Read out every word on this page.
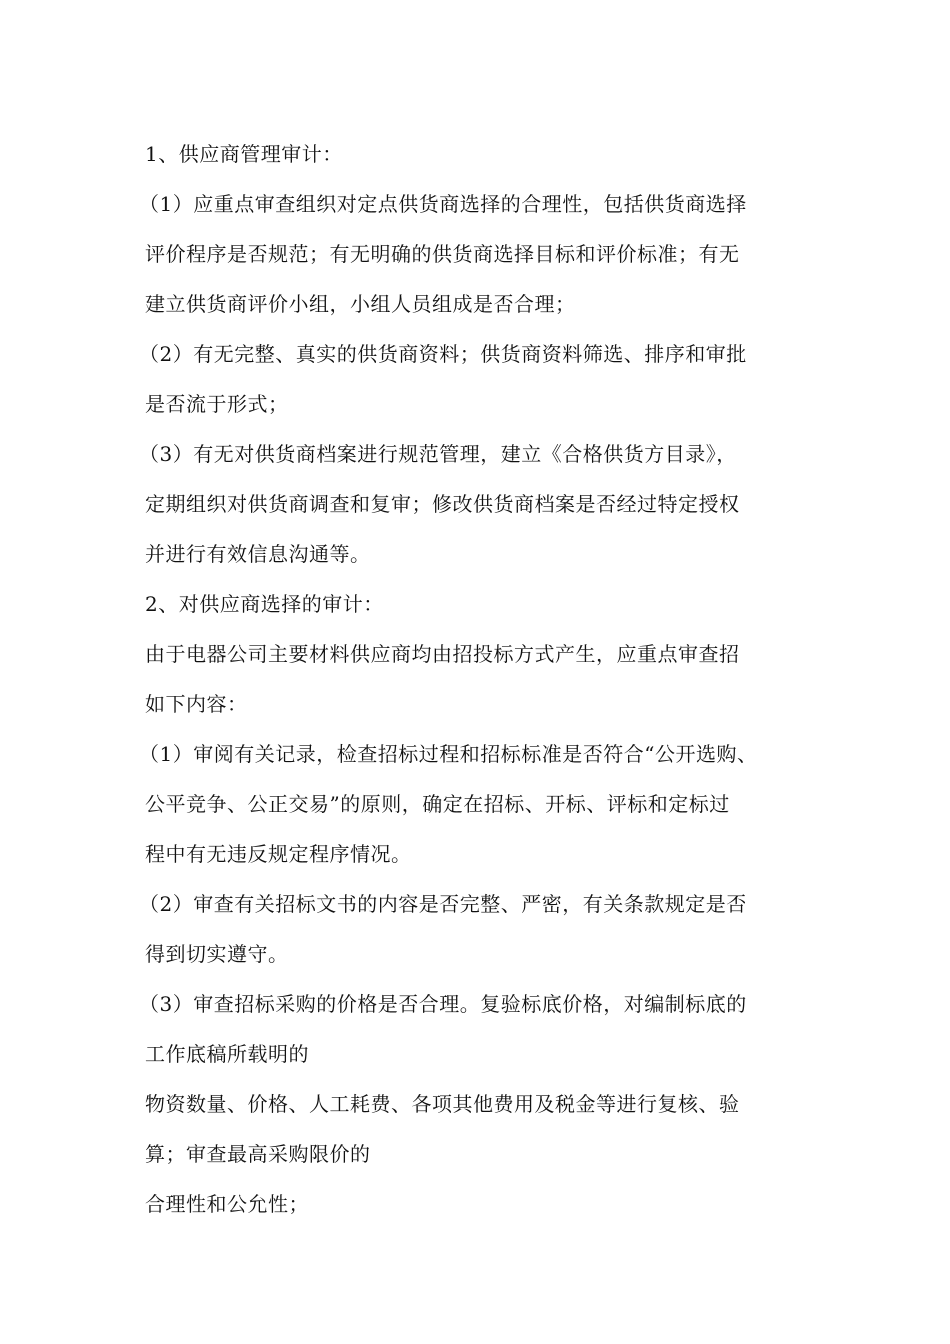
1、供应商管理审计：
（1）应重点审查组织对定点供货商选择的合理性，包括供货商选择
评价程序是否规范；有无明确的供货商选择目标和评价标准；有无
建立供货商评价小组，小组人员组成是否合理；
（2）有无完整、真实的供货商资料；供货商资料筛选、排序和审批
是否流于形式；
（3）有无对供货商档案进行规范管理，建立《合格供货方目录》，
定期组织对供货商调查和复审；修改供货商档案是否经过特定授权
并进行有效信息沟通等。
2、对供应商选择的审计：
由于电器公司主要材料供应商均由招投标方式产生，应重点审查招
如下内容：
（1）审阅有关记录，检查招标过程和招标标准是否符合“公开选购、
公平竞争、公正交易”的原则，确定在招标、开标、评标和定标过
程中有无违反规定程序情况。
（2）审查有关招标文书的内容是否完整、严密，有关条款规定是否
得到切实遵守。
（3）审查招标采购的价格是否合理。复验标底价格，对编制标底的
工作底稿所载明的
物资数量、价格、人工耗费、各项其他费用及税金等进行复核、验
算；审查最高采购限价的
合理性和公允性；
